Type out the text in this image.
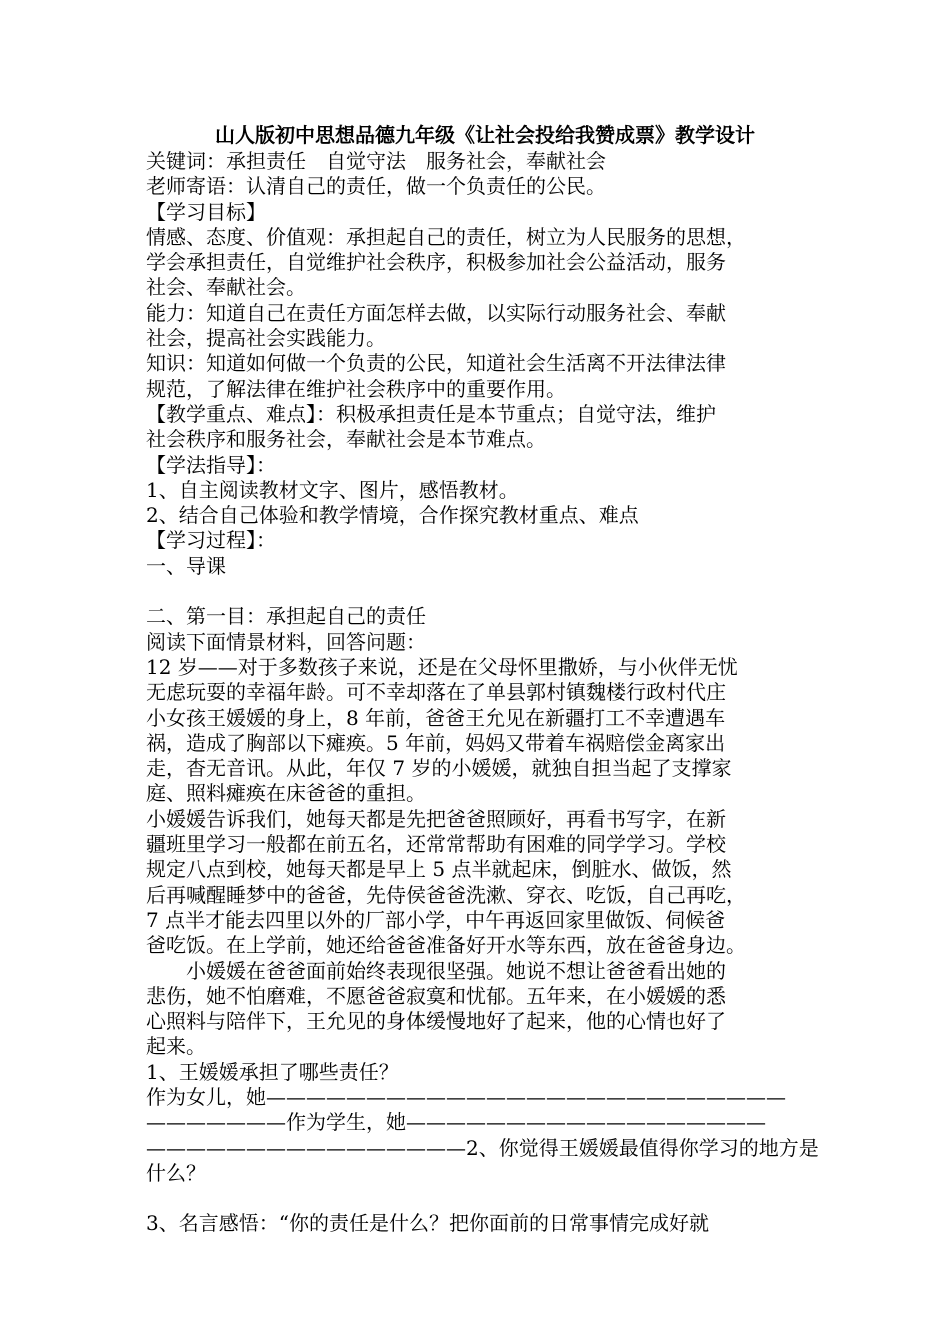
山人版初中思想品德九年级《让社会投给我赞成票》教学设计

关键词：承担责任　自觉守法　服务社会，奉献社会

老师寄语：认清自己的责任，做一个负责任的公民。

【学习目标】

情感、态度、价值观：承担起自己的责任，树立为人民服务的思想，

学会承担责任，自觉维护社会秩序，积极参加社会公益活动，服务

社会、奉献社会。

能力：知道自己在责任方面怎样去做，以实际行动服务社会、奉献

社会，提高社会实践能力。

知识：知道如何做一个负责的公民，知道社会生活离不开法律法律

规范，了解法律在维护社会秩序中的重要作用。

【教学重点、难点】：积极承担责任是本节重点；自觉守法，维护

社会秩序和服务社会，奉献社会是本节难点。

【学法指导】：

1、自主阅读教材文字、图片，感悟教材。

2、结合自己体验和教学情境，合作探究教材重点、难点

【学习过程】：

一、导课

二、第一目：承担起自己的责任

阅读下面情景材料，回答问题：

12 岁——对于多数孩子来说，还是在父母怀里撒娇，与小伙伴无忧

无虑玩耍的幸福年龄。可不幸却落在了单县郭村镇魏楼行政村代庄

小女孩王媛媛的身上，8 年前，爸爸王允见在新疆打工不幸遭遇车

祸，造成了胸部以下瘫痪。5 年前，妈妈又带着车祸赔偿金离家出

走，杳无音讯。从此，年仅 7 岁的小媛媛，就独自担当起了支撑家

庭、照料瘫痪在床爸爸的重担。

小媛媛告诉我们，她每天都是先把爸爸照顾好，再看书写字，在新

疆班里学习一般都在前五名，还常常帮助有困难的同学学习。学校

规定八点到校，她每天都是早上 5 点半就起床，倒脏水、做饭，然

后再喊醒睡梦中的爸爸，先侍侯爸爸洗漱、穿衣、吃饭，自己再吃，

7 点半才能去四里以外的厂部小学，中午再返回家里做饭、伺候爸

爸吃饭。在上学前，她还给爸爸准备好开水等东西，放在爸爸身边。

小媛媛在爸爸面前始终表现很坚强。她说不想让爸爸看出她的

悲伤，她不怕磨难，不愿爸爸寂寞和忧郁。五年来，在小媛媛的悉

心照料与陪伴下，王允见的身体缓慢地好了起来，他的心情也好了

起来。

1、王媛媛承担了哪些责任？

作为女儿，她——————————————————————————

———————作为学生，她——————————————————

————————————————2、你觉得王媛媛最值得你学习的地方是

什么？

3、名言感悟：“你的责任是什么？把你面前的日常事情完成好就
